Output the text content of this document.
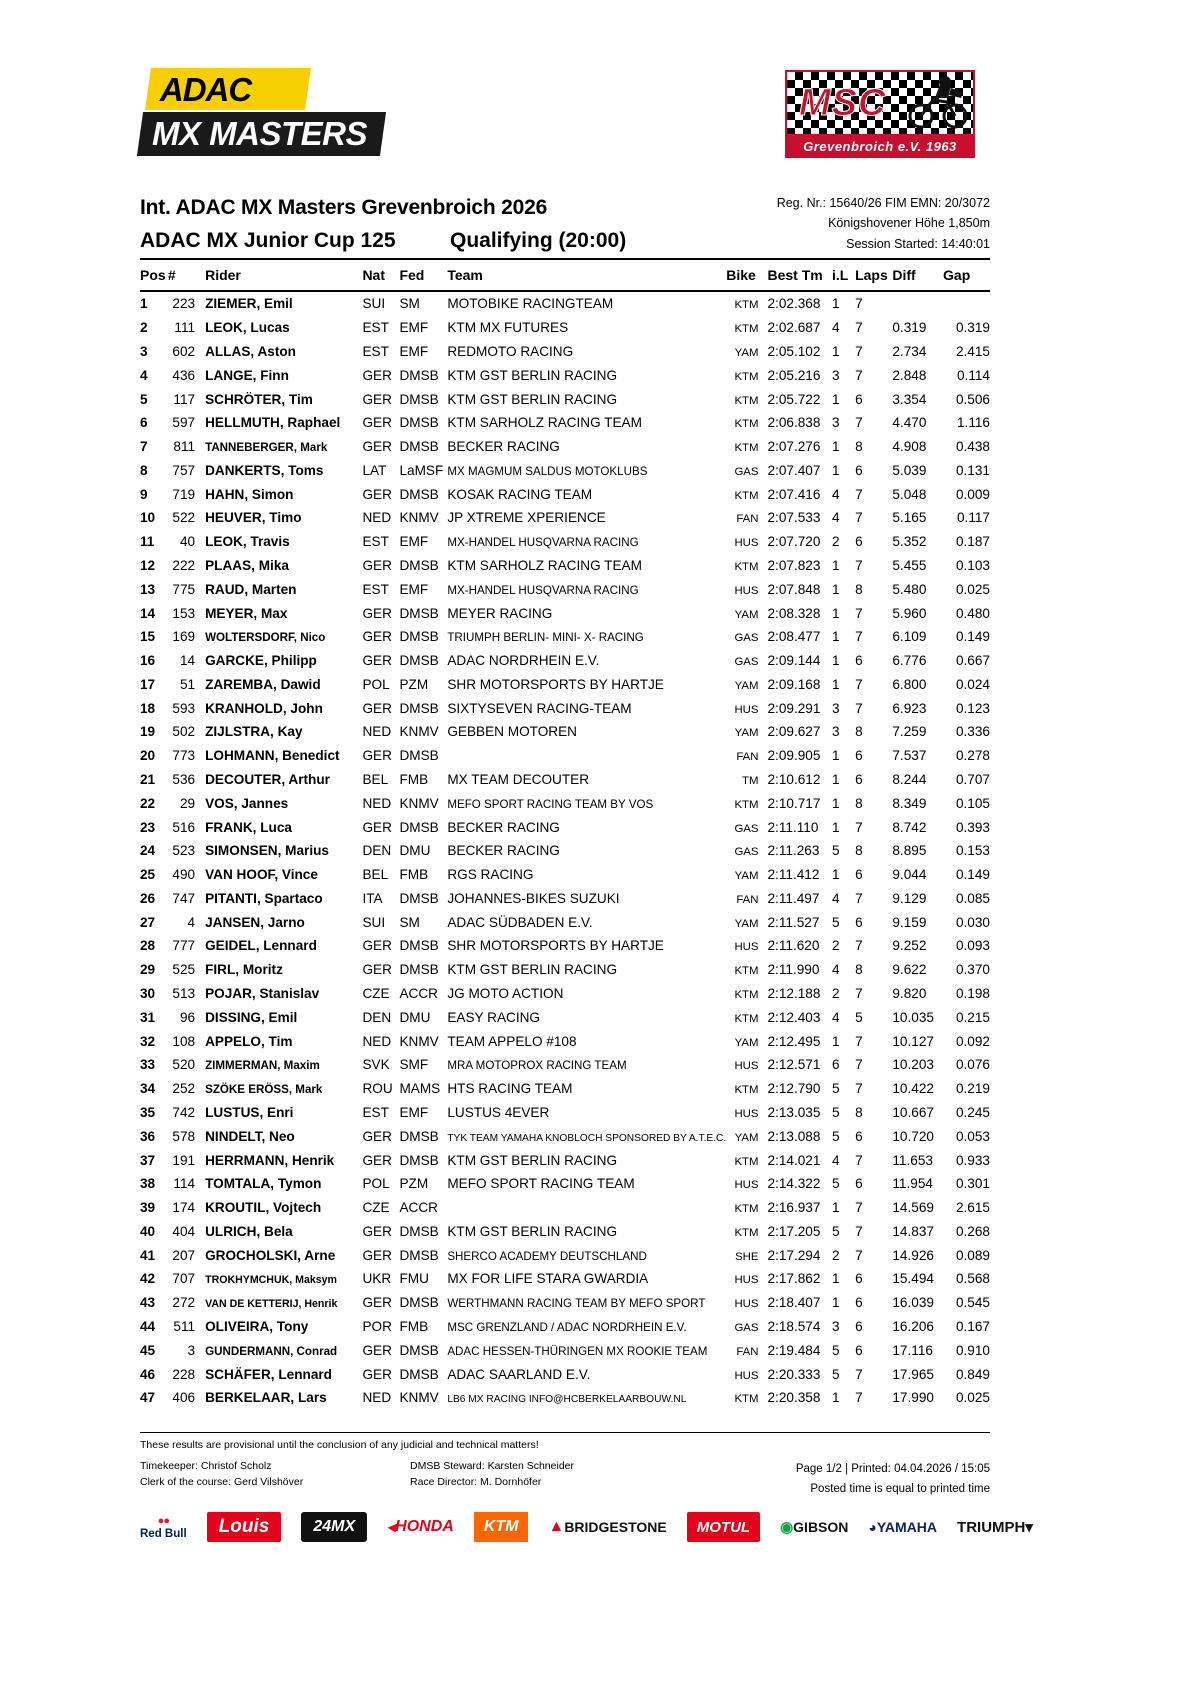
ADAC
MX MASTERS
MSC
Grevenbroich e.V. 1963
Int. ADAC MX Masters Grevenbroich 2026
ADAC MX Junior Cup 125	Qualifying (20:00)
Reg. Nr.: 15640/26 FIM EMN: 20/3072
Königshovener Höhe 1,850m
Session Started: 14:40:01
Pos	#	Rider	Nat	Fed	Team	Bike	Best Tm	i.L	Laps	Diff	Gap
1	223	ZIEMER, Emil	SUI	SM	MOTOBIKE RACINGTEAM	KTM	2:02.368	1	7		
2	111	LEOK, Lucas	EST	EMF	KTM MX FUTURES	KTM	2:02.687	4	7	0.319	0.319
3	602	ALLAS, Aston	EST	EMF	REDMOTO RACING	YAM	2:05.102	1	7	2.734	2.415
4	436	LANGE, Finn	GER	DMSB	KTM GST BERLIN RACING	KTM	2:05.216	3	7	2.848	0.114
5	117	SCHRÖTER, Tim	GER	DMSB	KTM GST BERLIN RACING	KTM	2:05.722	1	6	3.354	0.506
6	597	HELLMUTH, Raphael	GER	DMSB	KTM SARHOLZ RACING TEAM	KTM	2:06.838	3	7	4.470	1.116
7	811	TANNEBERGER, Mark	GER	DMSB	BECKER RACING	KTM	2:07.276	1	8	4.908	0.438
8	757	DANKERTS, Toms	LAT	LaMSF	MX MAGMUM SALDUS MOTOKLUBS	GAS	2:07.407	1	6	5.039	0.131
9	719	HAHN, Simon	GER	DMSB	KOSAK RACING TEAM	KTM	2:07.416	4	7	5.048	0.009
10	522	HEUVER, Timo	NED	KNMV	JP XTREME XPERIENCE	FAN	2:07.533	4	7	5.165	0.117
11	40	LEOK, Travis	EST	EMF	MX-HANDEL HUSQVARNA RACING	HUS	2:07.720	2	6	5.352	0.187
12	222	PLAAS, Mika	GER	DMSB	KTM SARHOLZ RACING TEAM	KTM	2:07.823	1	7	5.455	0.103
13	775	RAUD, Marten	EST	EMF	MX-HANDEL HUSQVARNA RACING	HUS	2:07.848	1	8	5.480	0.025
14	153	MEYER, Max	GER	DMSB	MEYER RACING	YAM	2:08.328	1	7	5.960	0.480
15	169	WOLTERSDORF, Nico	GER	DMSB	TRIUMPH BERLIN- MINI- X- RACING	GAS	2:08.477	1	7	6.109	0.149
16	14	GARCKE, Philipp	GER	DMSB	ADAC NORDRHEIN E.V.	GAS	2:09.144	1	6	6.776	0.667
17	51	ZAREMBA, Dawid	POL	PZM	SHR MOTORSPORTS BY HARTJE	YAM	2:09.168	1	7	6.800	0.024
18	593	KRANHOLD, John	GER	DMSB	SIXTYSEVEN RACING-TEAM	HUS	2:09.291	3	7	6.923	0.123
19	502	ZIJLSTRA, Kay	NED	KNMV	GEBBEN MOTOREN	YAM	2:09.627	3	8	7.259	0.336
20	773	LOHMANN, Benedict	GER	DMSB		FAN	2:09.905	1	6	7.537	0.278
21	536	DECOUTER, Arthur	BEL	FMB	MX TEAM DECOUTER	TM	2:10.612	1	6	8.244	0.707
22	29	VOS, Jannes	NED	KNMV	MEFO SPORT RACING TEAM BY VOS	KTM	2:10.717	1	8	8.349	0.105
23	516	FRANK, Luca	GER	DMSB	BECKER RACING	GAS	2:11.110	1	7	8.742	0.393
24	523	SIMONSEN, Marius	DEN	DMU	BECKER RACING	GAS	2:11.263	5	8	8.895	0.153
25	490	VAN HOOF, Vince	BEL	FMB	RGS RACING	YAM	2:11.412	1	6	9.044	0.149
26	747	PITANTI, Spartaco	ITA	DMSB	JOHANNES-BIKES SUZUKI	FAN	2:11.497	4	7	9.129	0.085
27	4	JANSEN, Jarno	SUI	SM	ADAC SÜDBADEN E.V.	YAM	2:11.527	5	6	9.159	0.030
28	777	GEIDEL, Lennard	GER	DMSB	SHR MOTORSPORTS BY HARTJE	HUS	2:11.620	2	7	9.252	0.093
29	525	FIRL, Moritz	GER	DMSB	KTM GST BERLIN RACING	KTM	2:11.990	4	8	9.622	0.370
30	513	POJAR, Stanislav	CZE	ACCR	JG MOTO ACTION	KTM	2:12.188	2	7	9.820	0.198
31	96	DISSING, Emil	DEN	DMU	EASY RACING	KTM	2:12.403	4	5	10.035	0.215
32	108	APPELO, Tim	NED	KNMV	TEAM APPELO #108	YAM	2:12.495	1	7	10.127	0.092
33	520	ZIMMERMAN, Maxim	SVK	SMF	MRA MOTOPROX RACING TEAM	HUS	2:12.571	6	7	10.203	0.076
34	252	SZÖKE ERÖSS, Mark	ROU	MAMS	HTS RACING TEAM	KTM	2:12.790	5	7	10.422	0.219
35	742	LUSTUS, Enri	EST	EMF	LUSTUS 4EVER	HUS	2:13.035	5	8	10.667	0.245
36	578	NINDELT, Neo	GER	DMSB	TYK TEAM YAMAHA KNOBLOCH SPONSORED BY A.T.E.C.	YAM	2:13.088	5	6	10.720	0.053
37	191	HERRMANN, Henrik	GER	DMSB	KTM GST BERLIN RACING	KTM	2:14.021	4	7	11.653	0.933
38	114	TOMTALA, Tymon	POL	PZM	MEFO SPORT RACING TEAM	HUS	2:14.322	5	6	11.954	0.301
39	174	KROUTIL, Vojtech	CZE	ACCR		KTM	2:16.937	1	7	14.569	2.615
40	404	ULRICH, Bela	GER	DMSB	KTM GST BERLIN RACING	KTM	2:17.205	5	7	14.837	0.268
41	207	GROCHOLSKI, Arne	GER	DMSB	SHERCO ACADEMY DEUTSCHLAND	SHE	2:17.294	2	7	14.926	0.089
42	707	TROKHYMCHUK, Maksym	UKR	FMU	MX FOR LIFE STARA GWARDIA	HUS	2:17.862	1	6	15.494	0.568
43	272	VAN DE KETTERIJ, Henrik	GER	DMSB	WERTHMANN RACING TEAM BY MEFO SPORT	HUS	2:18.407	1	6	16.039	0.545
44	511	OLIVEIRA, Tony	POR	FMB	MSC GRENZLAND / ADAC NORDRHEIN E.V.	GAS	2:18.574	3	6	16.206	0.167
45	3	GUNDERMANN, Conrad	GER	DMSB	ADAC HESSEN-THÜRINGEN MX ROOKIE TEAM	FAN	2:19.484	5	6	17.116	0.910
46	228	SCHÄFER, Lennard	GER	DMSB	ADAC SAARLAND E.V.	HUS	2:20.333	5	7	17.965	0.849
47	406	BERKELAAR, Lars	NED	KNMV	LB6 MX RACING INFO@HCBERKELAARBOUW.NL	KTM	2:20.358	1	7	17.990	0.025
These results are provisional until the conclusion of any judicial and technical matters!
Timekeeper: Christof Scholz
Clerk of the course: Gerd Vilshöver
DMSB Steward: Karsten Schneider
Race Director: M. Dornhöfer
Page 1/2 | Printed: 04.04.2026 / 15:05
Posted time is equal to printed time
●●
Red Bull Louis	24MX ◂ HONDA KTM ▲ BRIDGESTONE MOTUL ◉ GIBSON ◕ YAMAHA TRIUMPH ▾
